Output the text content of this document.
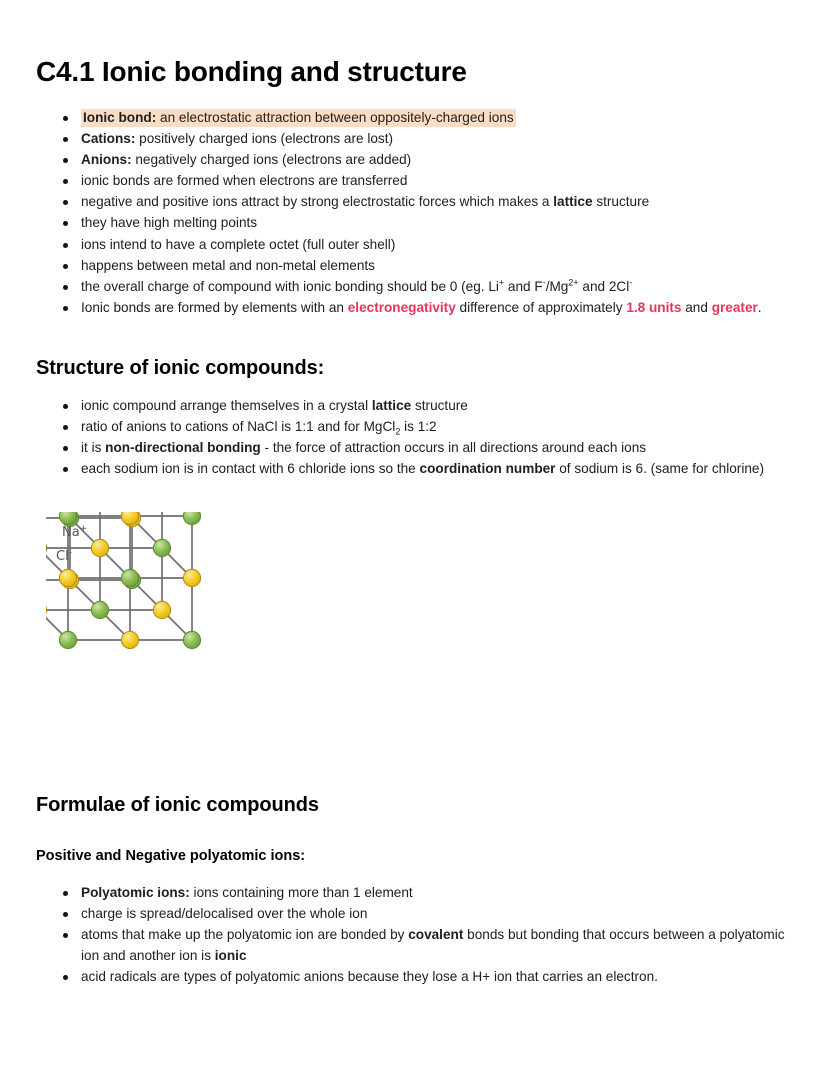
C4.1 Ionic bonding and structure
Ionic bond: an electrostatic attraction between oppositely-charged ions
Cations: positively charged ions (electrons are lost)
Anions: negatively charged ions (electrons are added)
ionic bonds are formed when electrons are transferred
negative and positive ions attract by strong electrostatic forces which makes a lattice structure
they have high melting points
ions intend to have a complete octet (full outer shell)
happens between metal and non-metal elements
the overall charge of compound with ionic bonding should be 0 (eg. Li+ and $F^-/Mg^{2+}$ and 2Cl-
Ionic bonds are formed by elements with an electronegativity difference of approximately 1.8 units and greater.
Structure of ionic compounds:
ionic compound arrange themselves in a crystal lattice structure
ratio of anions to cations of NaCl is 1:1 and for MgCl$_2$ is 1:2
it is non-directional bonding - the force of attraction occurs in all directions around each ions
each sodium ion is in contact with 6 chloride ions so the coordination number of sodium is 6. (same for chlorine)
Na+
Cl-
Formulae of ionic compounds
Positive and Negative polyatomic ions:
Polyatomic ions: ions containing more than 1 element
charge is spread/delocalised over the whole ion
atoms that make up the polyatomic ion are bonded by covalent bonds but bonding that occurs between a polyatomic ion and another ion is ionic
acid radicals are types of polyatomic anions because they lose a H+ ion that carries an electron.
